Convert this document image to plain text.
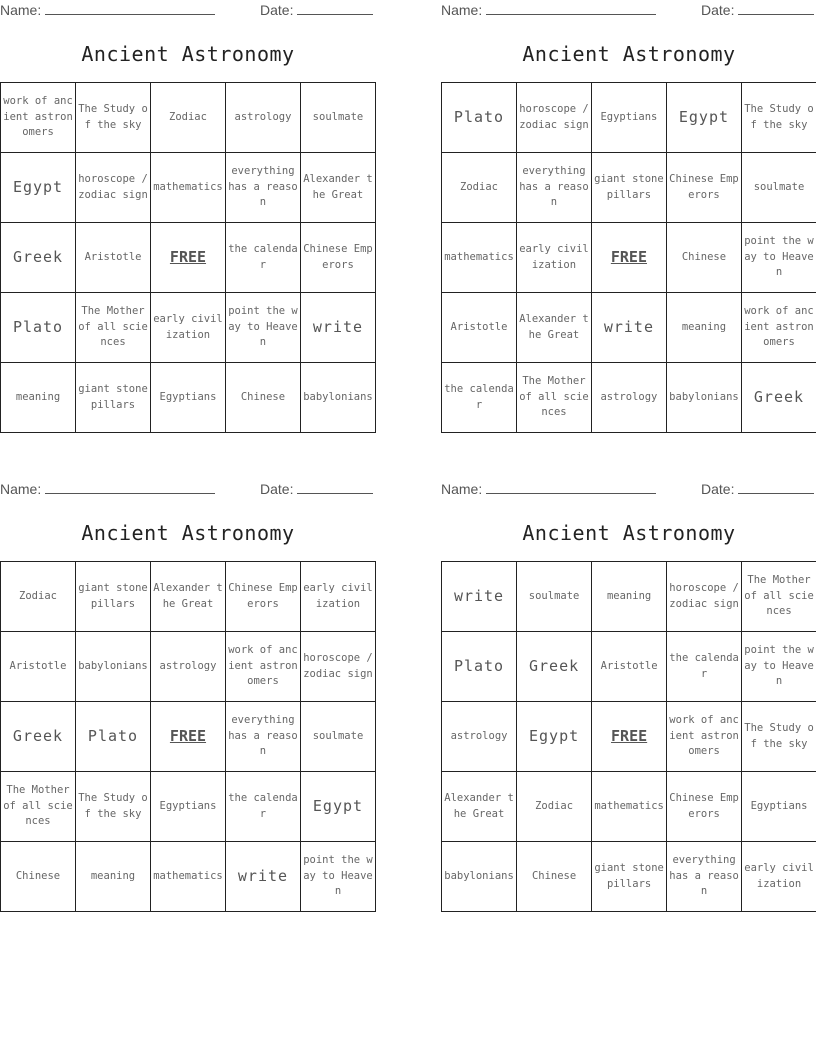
Name:	Date:
Ancient Astronomy
work of ancient astronomers	The Study of the sky	Zodiac	astrology	soulmate
Egypt	horoscope / zodiac sign	mathematics	everything has a reason	Alexander the Great
Greek	Aristotle	FREE	the calendar	Chinese Emperors
Plato	The Mother of all sciences	early civilization	point the way to Heaven	write
meaning	giant stone pillars	Egyptians	Chinese	babylonians
Name:	Date:
Ancient Astronomy
Plato	horoscope / zodiac sign	Egyptians	Egypt	The Study of the sky
Zodiac	everything has a reason	giant stone pillars	Chinese Emperors	soulmate
mathematics	early civilization	FREE	Chinese	point the way to Heaven
Aristotle	Alexander the Great	write	meaning	work of ancient astronomers
the calendar	The Mother of all sciences	astrology	babylonians	Greek
Name:	Date:
Ancient Astronomy
Zodiac	giant stone pillars	Alexander the Great	Chinese Emperors	early civilization
Aristotle	babylonians	astrology	work of ancient astronomers	horoscope / zodiac sign
Greek	Plato	FREE	everything has a reason	soulmate
The Mother of all sciences	The Study of the sky	Egyptians	the calendar	Egypt
Chinese	meaning	mathematics	write	point the way to Heaven
Name:	Date:
Ancient Astronomy
write	soulmate	meaning	horoscope / zodiac sign	The Mother of all sciences
Plato	Greek	Aristotle	the calendar	point the way to Heaven
astrology	Egypt	FREE	work of ancient astronomers	The Study of the sky
Alexander the Great	Zodiac	mathematics	Chinese Emperors	Egyptians
babylonians	Chinese	giant stone pillars	everything has a reason	early civilization
